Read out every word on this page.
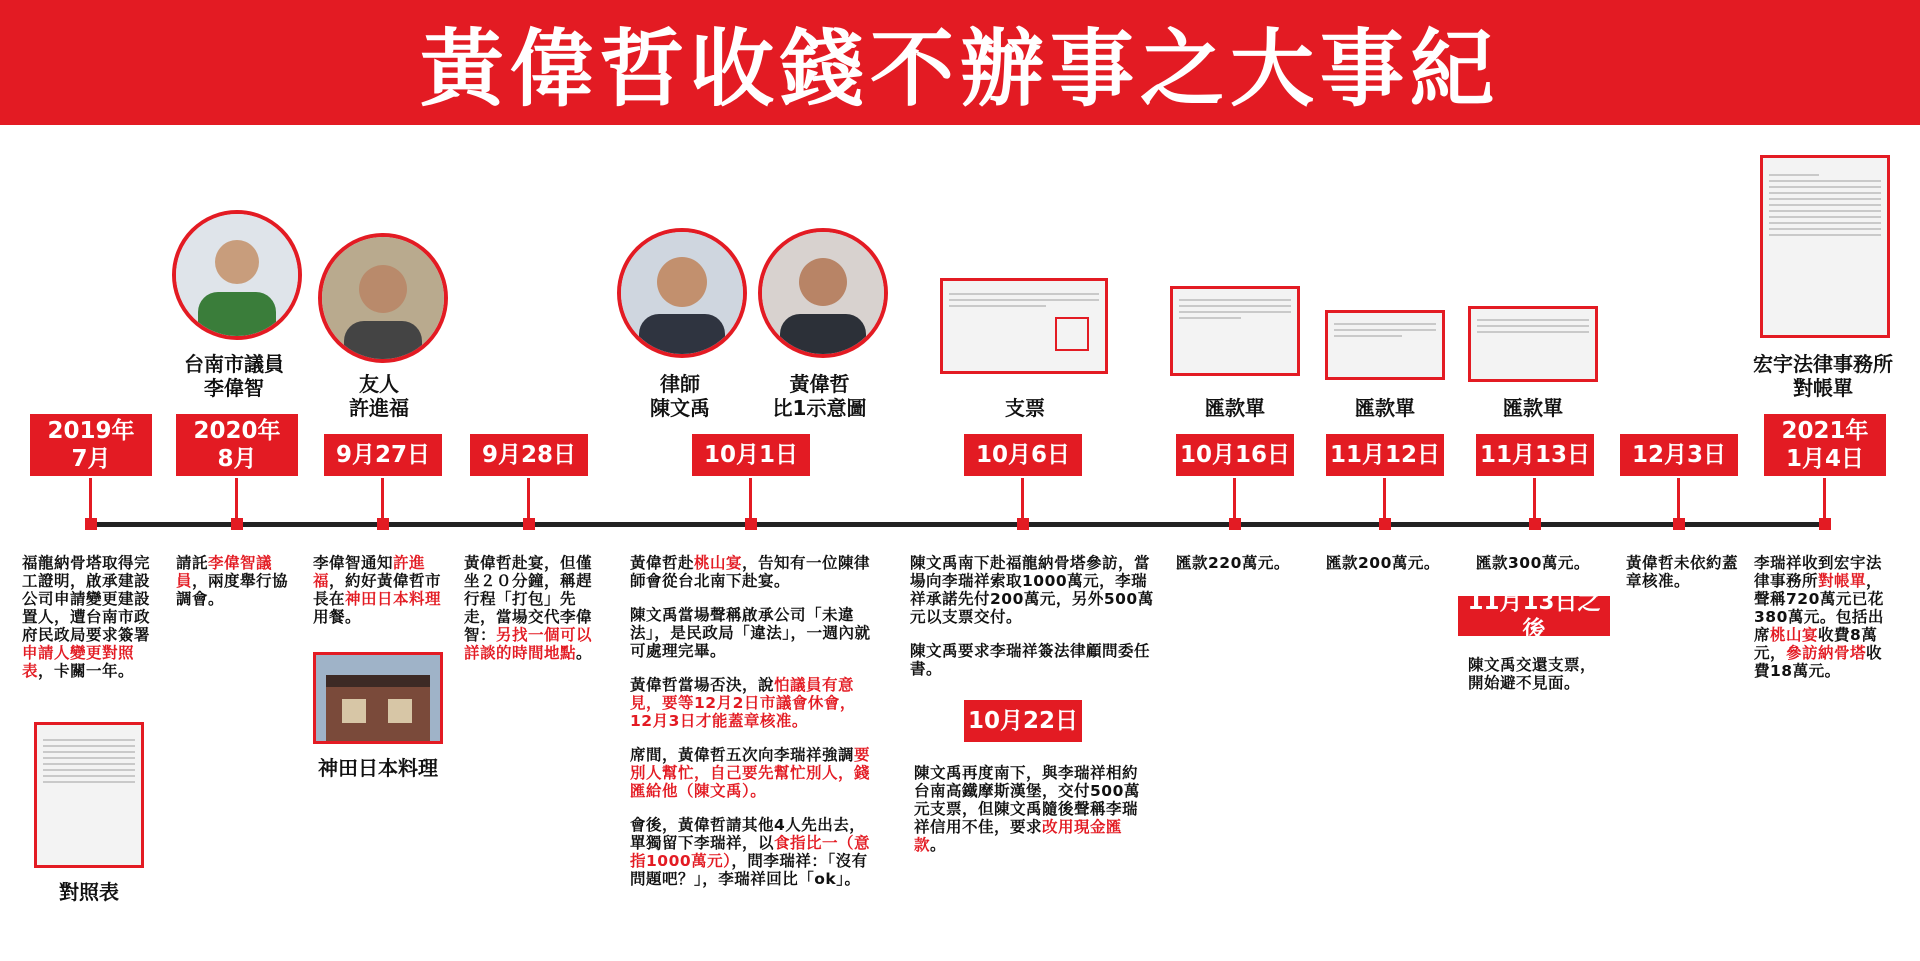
黃偉哲收錢不辦事之大事紀
台南市議員
李偉智	友人
許進福
律師
陳文禹
黃偉哲
比1示意圖	支票	匯款單	匯款單	匯款單
宏宇法律事務所
對帳單
神田日本料理
對照表
2019年
7月
2020年
8月	9月27日	9月28日	10月1日	10月6日	10月16日 11月12日 11月13日	12月3日
2021年
1月4日
10月22日
11月13日之後
福龍納骨塔取得完工證明，啟承建設公司申請變更建設置人，遭台南市政府民政局要求簽署申請人變更對照表，卡關一年。
請託李偉智議員，兩度舉行協調會。
李偉智通知許進福，約好黃偉哲市長在神田日本料理用餐。
黃偉哲赴宴，但僅坐２０分鐘，稱趕行程「打包」先走，當場交代李偉智：另找一個可以詳談的時間地點。

黃偉哲赴桃山宴，告知有一位陳律師會從台北南下赴宴。

陳文禹當場聲稱啟承公司「未違法」，是民政局「違法」，一週內就可處理完畢。

黃偉哲當場否決，說怕議員有意見，要等12月2日市議會休會，12月3日才能蓋章核准。

席間，黃偉哲五次向李瑞祥強調要別人幫忙，自己要先幫忙別人，錢匯給他（陳文禹）。

會後，黃偉哲請其他4人先出去，單獨留下李瑞祥，以食指比一（意指1000萬元），問李瑞祥：「沒有問題吧？」，李瑞祥回比「ok」。

陳文禹南下赴福龍納骨塔參訪，當場向李瑞祥索取1000萬元，李瑞祥承諾先付200萬元，另外500萬元以支票交付。

陳文禹要求李瑞祥簽法律顧問委任書。

陳文禹再度南下，與李瑞祥相約台南高鐵摩斯漢堡，交付500萬元支票，但陳文禹隨後聲稱李瑞祥信用不佳，要求改用現金匯款。
匯款220萬元。	匯款200萬元。	匯款300萬元。
陳文禹交還支票，開始避不見面。
黃偉哲未依約蓋章核准。
李瑞祥收到宏宇法律事務所對帳單，聲稱720萬元已花380萬元。包括出席桃山宴收費8萬元，參訪納骨塔收費18萬元。
